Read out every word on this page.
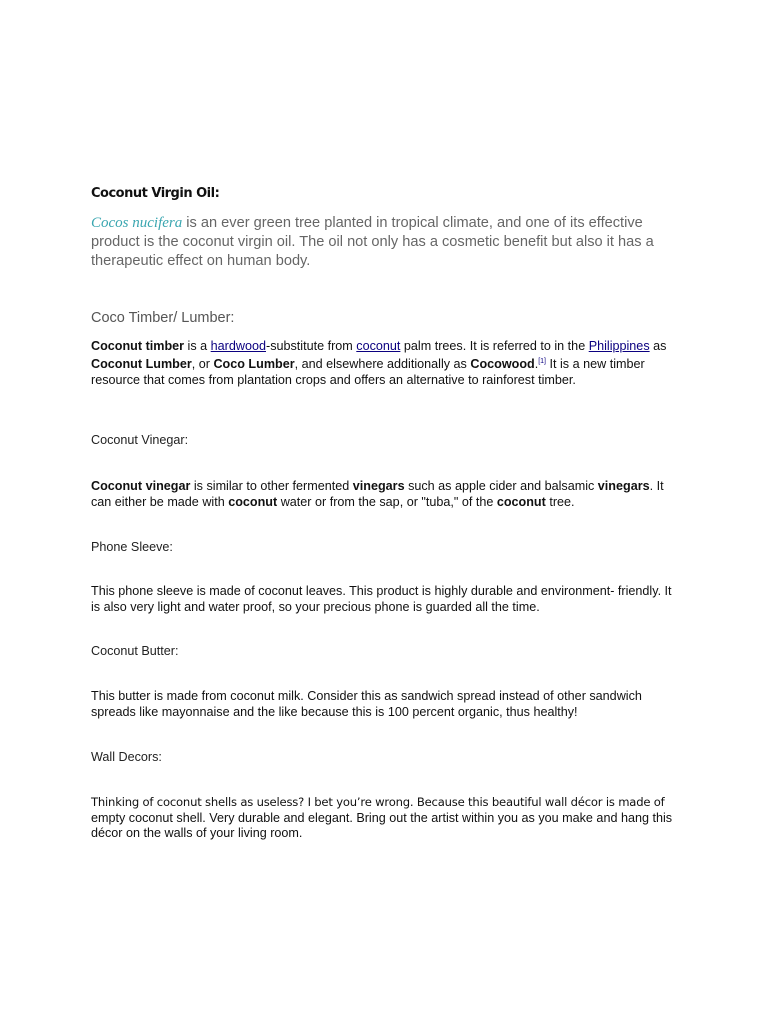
Coconut Virgin Oil:

Cocos nucifera is an ever green tree planted in tropical climate, and one of its effective product is the coconut virgin oil. The oil not only has a cosmetic benefit but also it has a therapeutic effect on human body.

Coco Timber/ Lumber:

Coconut timber is a hardwood-substitute from coconut palm trees. It is referred to in the Philippines as Coconut Lumber, or Coco Lumber, and elsewhere additionally as Cocowood.[1] It is a new timber resource that comes from plantation crops and offers an alternative to rainforest timber.

Coconut Vinegar:

Coconut vinegar is similar to other fermented vinegars such as apple cider and balsamic vinegars. It can either be made with coconut water or from the sap, or "tuba," of the coconut tree.

Phone Sleeve:

This phone sleeve is made of coconut leaves. This product is highly durable and environment- friendly. It is also very light and water proof, so your precious phone is guarded all the time.

Coconut Butter:

This butter is made from coconut milk. Consider this as sandwich spread instead of other sandwich spreads like mayonnaise and the like because this is 100 percent organic, thus healthy!

Wall Decors:

Thinking of coconut shells as useless? I bet you’re wrong. Because this beautiful wall décor is made of empty coconut shell. Very durable and elegant. Bring out the artist within you as you make and hang this décor on the walls of your living room.
